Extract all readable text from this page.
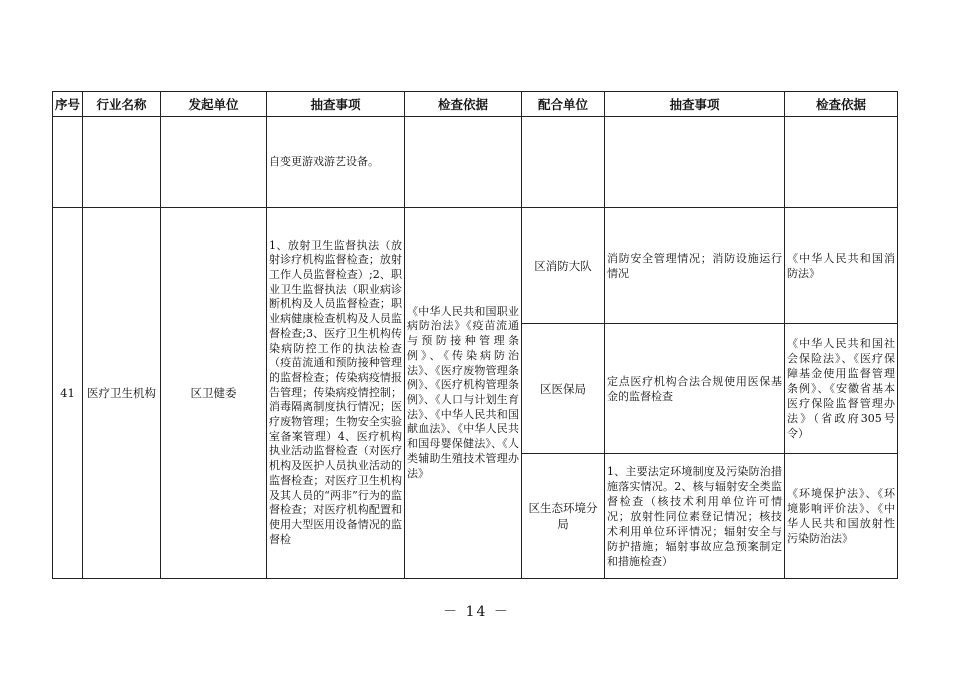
序号	行业名称	发起单位	抽查事项	检查依据	配合单位	抽查事项	检查依据
			自变更游戏游艺设备。				
41	医疗卫生机构	区卫健委	1、放射卫生监督执法（放射诊疗机构监督检查；放射工作人员监督检查）;2、职业卫生监督执法（职业病诊断机构及人员监督检查；职业病健康检查机构及人员监督检查;3、医疗卫生机构传染病防控工作的执法检查（疫苗流通和预防接种管理的监督检查；传染病疫情报告管理；传染病疫情控制；消毒隔离制度执行情况；医疗废物管理；生物安全实验室备案管理）4、医疗机构执业活动监督检查（对医疗机构及医护人员执业活动的监督检查；对医疗卫生机构及其人员的“两非”行为的监督检查；对医疗机构配置和使用大型医用设备情况的监督检	《中华人民共和国职业病防治法》《疫苗流通与预防接种管理条例》、《传染病防治法》、《医疗废物管理条例》、《医疗机构管理条例》、《人口与计划生育法》、《中华人民共和国献血法》、《中华人民共和国母婴保健法》、《人类辅助生殖技术管理办法》	区消防大队	消防安全管理情况；消防设施运行情况	《中华人民共和国消防法》
					区医保局	定点医疗机构合法合规使用医保基金的监督检查	《中华人民共和国社会保险法》、《医疗保障基金使用监督管理条例》、《安徽省基本医疗保险监督管理办法》（省政府305号令）
					区生态环境分局	1、主要法定环境制度及污染防治措施落实情况。2、核与辐射安全类监督检查（核技术利用单位许可情况；放射性同位素登记情况；核技术利用单位环评情况；辐射安全与防护措施；辐射事故应急预案制定和措施检查）	《环境保护法》、《环境影响评价法》、《中华人民共和国放射性污染防治法》
－ 14 －
